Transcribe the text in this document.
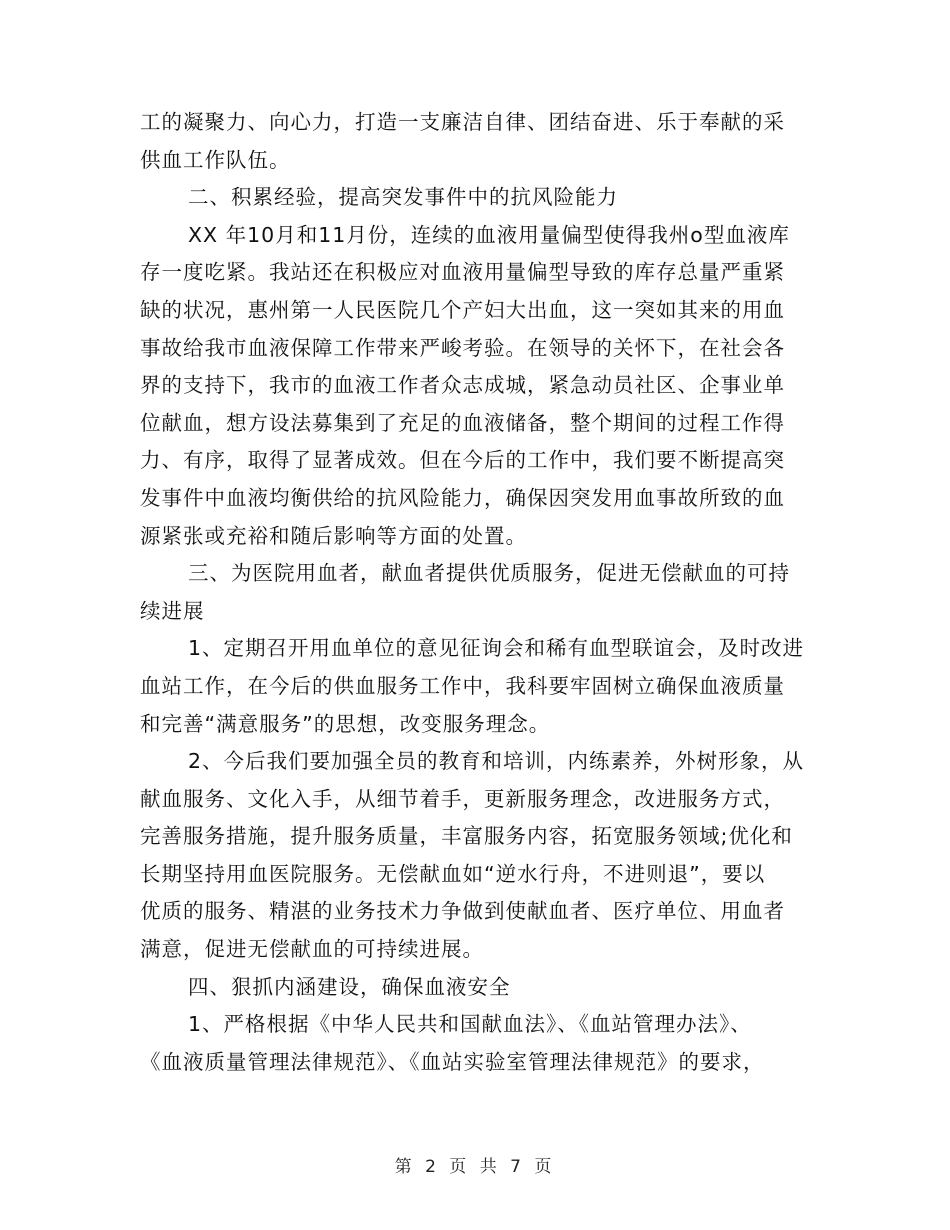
工的凝聚力、向心力，打造一支廉洁自律、团结奋进、乐于奉献的采
供血工作队伍。
二、积累经验，提高突发事件中的抗风险能力
XX 年10月和11月份，连续的血液用量偏型使得我州o型血液库
存一度吃紧。我站还在积极应对血液用量偏型导致的库存总量严重紧
缺的状况，惠州第一人民医院几个产妇大出血，这一突如其来的用血
事故给我市血液保障工作带来严峻考验。在领导的关怀下，在社会各
界的支持下，我市的血液工作者众志成城，紧急动员社区、企事业单
位献血，想方设法募集到了充足的血液储备，整个期间的过程工作得
力、有序，取得了显著成效。但在今后的工作中，我们要不断提高突
发事件中血液均衡供给的抗风险能力，确保因突发用血事故所致的血
源紧张或充裕和随后影响等方面的处置。
三、为医院用血者，献血者提供优质服务，促进无偿献血的可持
续进展
1、定期召开用血单位的意见征询会和稀有血型联谊会，及时改进
血站工作，在今后的供血服务工作中，我科要牢固树立确保血液质量
和完善“满意服务”的思想，改变服务理念。
2、今后我们要加强全员的教育和培训，内练素养，外树形象，从
献血服务、文化入手，从细节着手，更新服务理念，改进服务方式，
完善服务措施，提升服务质量，丰富服务内容，拓宽服务领域;优化和
长期坚持用血医院服务。无偿献血如“逆水行舟，不进则退”，要以
优质的服务、精湛的业务技术力争做到使献血者、医疗单位、用血者
满意，促进无偿献血的可持续进展。
四、狠抓内涵建设，确保血液安全
1、严格根据《中华人民共和国献血法》、《血站管理办法》、
《血液质量管理法律规范》、《血站实验室管理法律规范》的要求，
第 2 页 共 7 页
